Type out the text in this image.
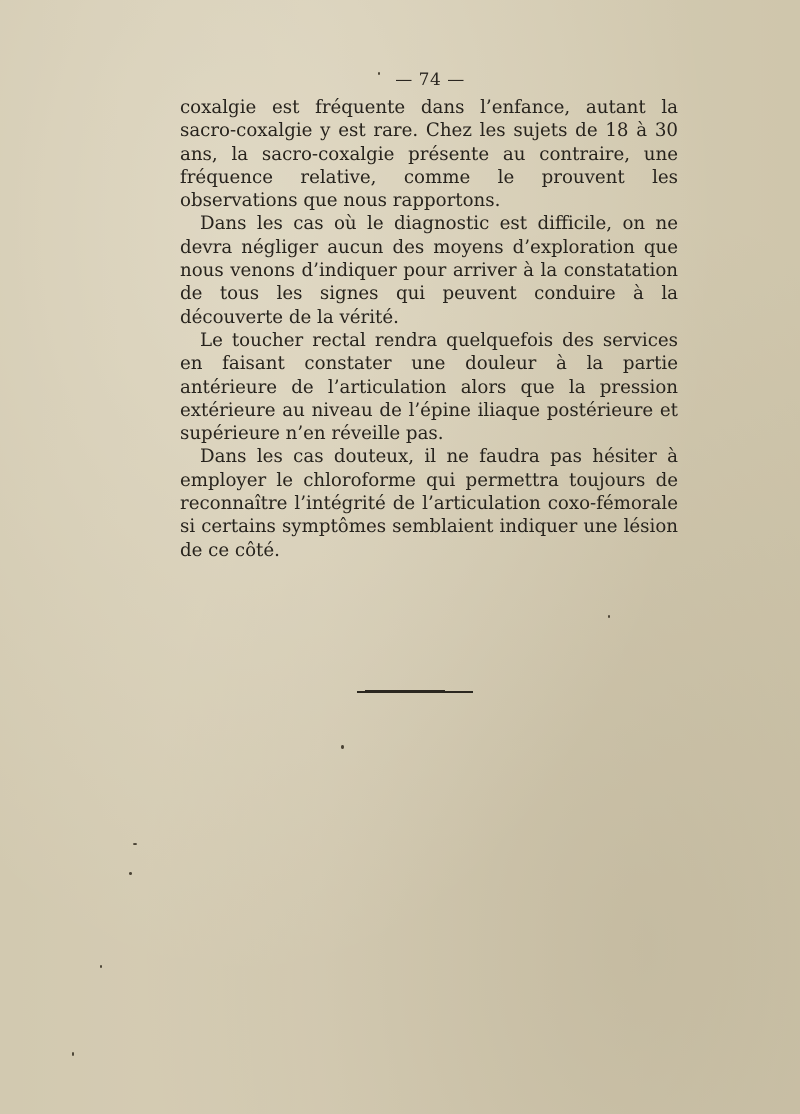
— 74 —

coxalgie est fréquente dans l’enfance, autant la sacro-coxalgie y est rare. Chez les sujets de 18 à 30 ans, la sacro-coxalgie présente au contraire, une fréquence relative, comme le prouvent les observations que nous rapportons.

Dans les cas où le diagnostic est difficile, on ne devra négliger aucun des moyens d’exploration que nous venons d’indiquer pour arriver à la constatation de tous les signes qui peuvent conduire à la découverte de la vérité.

Le toucher rectal rendra quelquefois des services en faisant constater une douleur à la partie antérieure de l’articulation alors que la pression extérieure au niveau de l’épine iliaque postérieure et supérieure n’en réveille pas.

Dans les cas douteux, il ne faudra pas hésiter à employer le chloroforme qui permettra toujours de reconnaître l’intégrité de l’articulation coxo-fémorale si certains symptômes semblaient indiquer une lésion de ce côté.
